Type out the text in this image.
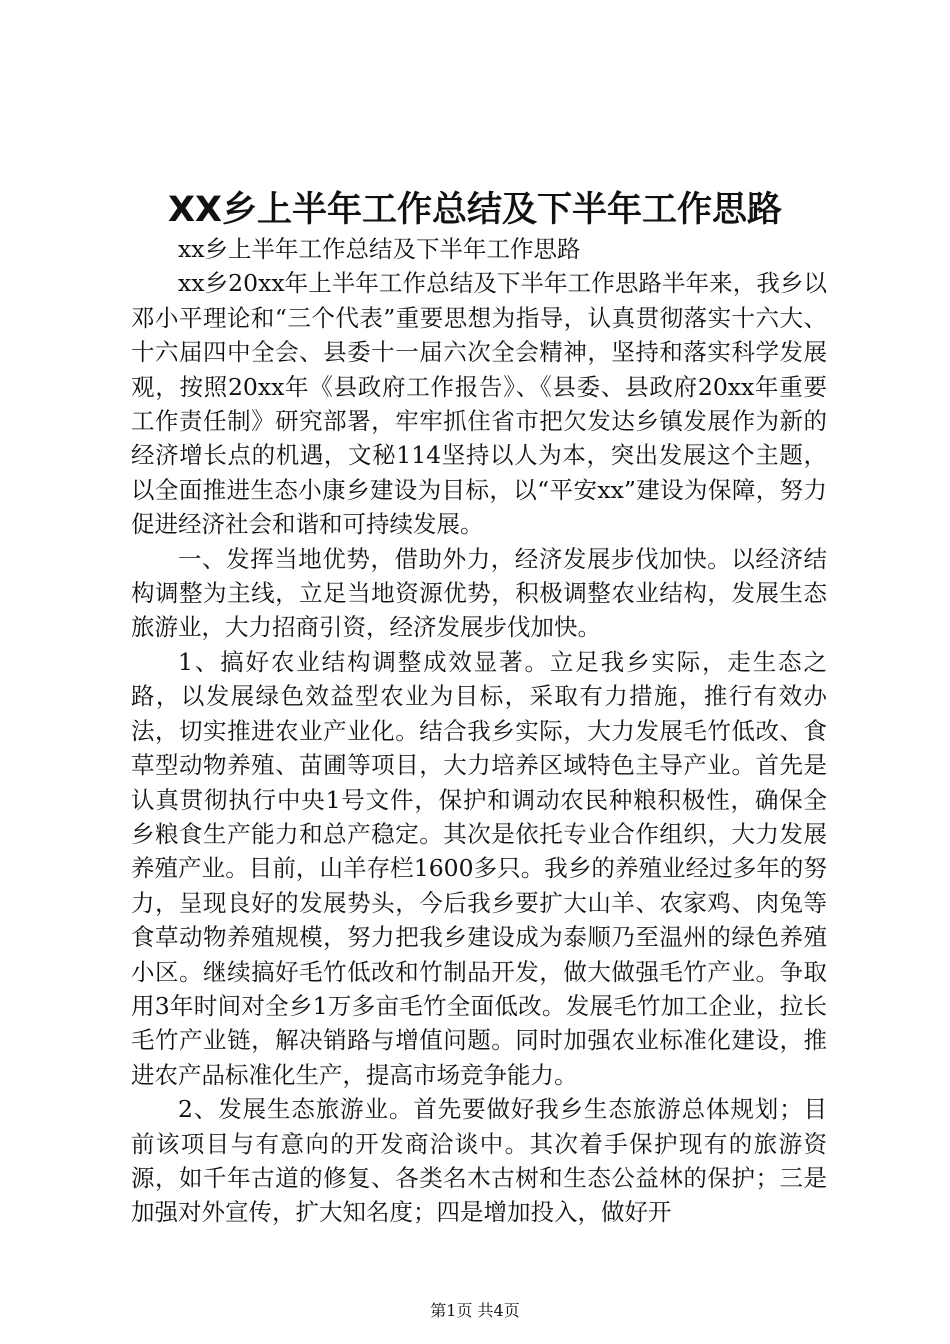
XX乡上半年工作总结及下半年工作思路

xx乡上半年工作总结及下半年工作思路

xx乡20xx年上半年工作总结及下半年工作思路半年来，我乡以邓小平理论和“三个代表”重要思想为指导，认真贯彻落实十六大、十六届四中全会、县委十一届六次全会精神，坚持和落实科学发展观，按照20xx年《县政府工作报告》、《县委、县政府20xx年重要工作责任制》研究部署，牢牢抓住省市把欠发达乡镇发展作为新的经济增长点的机遇，文秘114坚持以人为本，突出发展这个主题，以全面推进生态小康乡建设为目标，以“平安xx”建设为保障，努力促进经济社会和谐和可持续发展。

一、发挥当地优势，借助外力，经济发展步伐加快。以经济结构调整为主线，立足当地资源优势，积极调整农业结构，发展生态旅游业，大力招商引资，经济发展步伐加快。

1、搞好农业结构调整成效显著。立足我乡实际，走生态之路，以发展绿色效益型农业为目标，采取有力措施，推行有效办法，切实推进农业产业化。结合我乡实际，大力发展毛竹低改、食草型动物养殖、苗圃等项目，大力培养区域特色主导产业。首先是认真贯彻执行中央1号文件，保护和调动农民种粮积极性，确保全乡粮食生产能力和总产稳定。其次是依托专业合作组织，大力发展养殖产业。目前，山羊存栏1600多只。我乡的养殖业经过多年的努力，呈现良好的发展势头，今后我乡要扩大山羊、农家鸡、肉兔等食草动物养殖规模，努力把我乡建设成为泰顺乃至温州的绿色养殖小区。继续搞好毛竹低改和竹制品开发，做大做强毛竹产业。争取用3年时间对全乡1万多亩毛竹全面低改。发展毛竹加工企业，拉长毛竹产业链，解决销路与增值问题。同时加强农业标准化建设，推进农产品标准化生产，提高市场竞争能力。

2、发展生态旅游业。首先要做好我乡生态旅游总体规划；目前该项目与有意向的开发商洽谈中。其次着手保护现有的旅游资源，如千年古道的修复、各类名木古树和生态公益林的保护；三是加强对外宣传，扩大知名度；四是增加投入，做好开

第1页 共4页
